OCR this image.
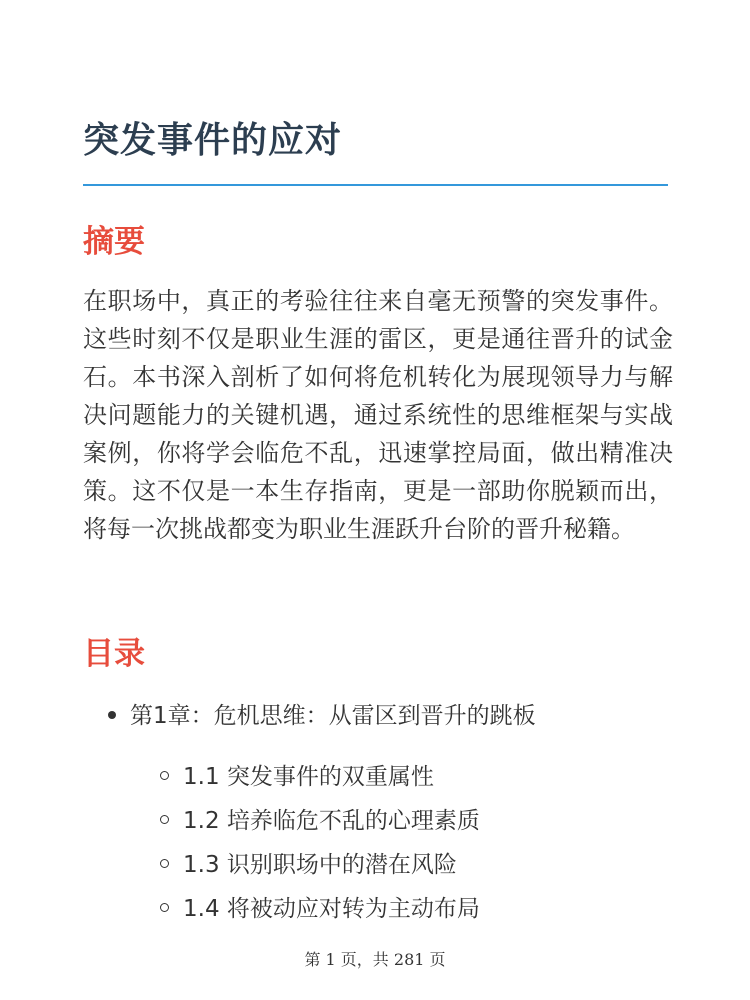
突发事件的应对
摘要

在职场中，真正的考验往往来自毫无预警的突发事件。这些时刻不仅是职业生涯的雷区，更是通往晋升的试金石。本书深入剖析了如何将危机转化为展现领导力与解决问题能力的关键机遇，通过系统性的思维框架与实战案例，你将学会临危不乱，迅速掌控局面，做出精准决策。这不仅是一本生存指南，更是一部助你脱颖而出，将每一次挑战都变为职业生涯跃升台阶的晋升秘籍。

目录
第1章：危机思维：从雷区到晋升的跳板
1.1 突发事件的双重属性
1.2 培养临危不乱的心理素质
1.3 识别职场中的潜在风险
1.4 将被动应对转为主动布局
第 1 页，共 281 页
